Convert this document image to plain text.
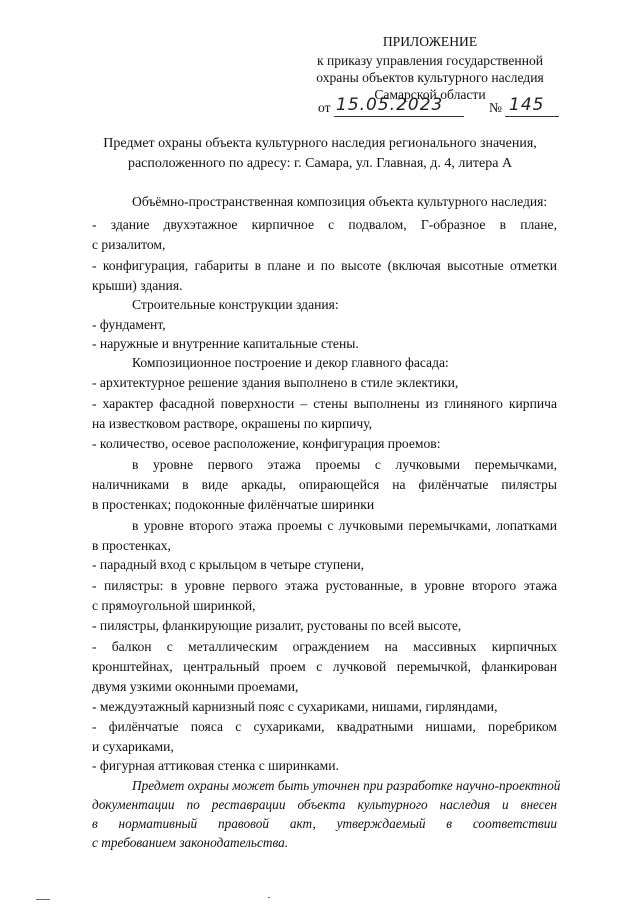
ПРИЛОЖЕНИЕ
к приказу управления государственной
охраны объектов культурного наследия
Самарской области
от 15.05.2023	№ 145
Предмет охраны объекта культурного наследия регионального значения,
расположенного по адресу: г. Самара, ул. Главная, д. 4, литера А
Объёмно-пространственная композиция объекта культурного наследия:
- здание двухэтажное кирпичное с подвалом, Г-образное в плане,
с ризалитом,
- конфигурация, габариты в плане и по высоте (включая высотные отметки
крыши) здания.
Строительные конструкции здания:
- фундамент,
- наружные и внутренние капитальные стены.
Композиционное построение и декор главного фасада:
- архитектурное решение здания выполнено в стиле эклектики,
- характер фасадной поверхности – стены выполнены из глиняного кирпича
на известковом растворе, окрашены по кирпичу,
- количество, осевое расположение, конфигурация проемов:
в уровне первого этажа проемы с лучковыми перемычками,
наличниками в виде аркады, опирающейся на филёнчатые пилястры
в простенках; подоконные филёнчатые ширинки
в уровне второго этажа проемы с лучковыми перемычками, лопатками
в простенках,
- парадный вход с крыльцом в четыре ступени,
- пилястры: в уровне первого этажа рустованные, в уровне второго этажа
с прямоугольной ширинкой,
- пилястры, фланкирующие ризалит, рустованы по всей высоте,
- балкон с металлическим ограждением на массивных кирпичных
кронштейнах, центральный проем с лучковой перемычкой, фланкирован
двумя узкими оконными проемами,
- междуэтажный карнизный пояс с сухариками, нишами, гирляндами,
- филёнчатые пояса с сухариками, квадратными нишами, поребриком
и сухариками,
- фигурная аттиковая стенка с ширинками.
Предмет охраны может быть уточнен при разработке научно-проектной
документации по реставрации объекта культурного наследия и внесен
в нормативный правовой акт, утверждаемый в соответствии
с требованием законодательства.
